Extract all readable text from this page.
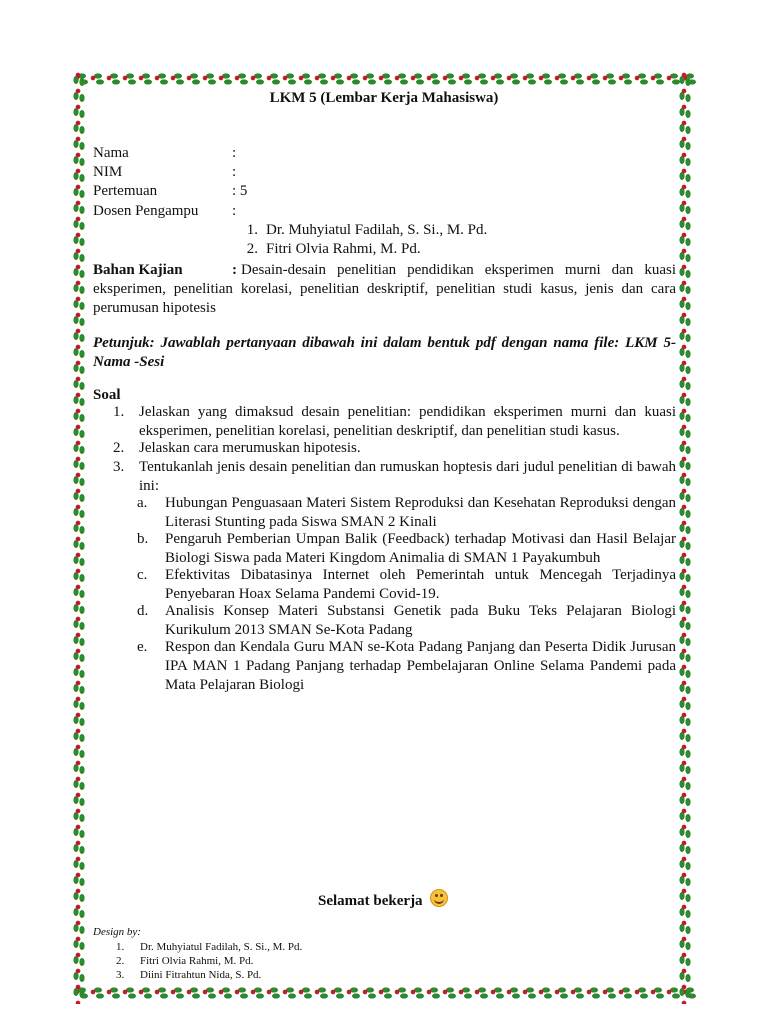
LKM 5 (Lembar Kerja Mahasiswa)
Nama	:
NIM	:
Pertemuan	: 5
Dosen Pengampu :
1. Dr. Muhyiatul Fadilah, S. Si., M. Pd.
2. Fitri Olvia Rahmi, M. Pd.
Bahan Kajian	: Desain-desain penelitian pendidikan eksperimen murni dan kuasi eksperimen, penelitian korelasi, penelitian deskriptif, penelitian studi kasus, jenis dan cara perumusan hipotesis
Petunjuk: Jawablah pertanyaan dibawah ini dalam bentuk pdf dengan nama file: LKM 5-Nama -Sesi
Soal
1. Jelaskan yang dimaksud desain penelitian: pendidikan eksperimen murni dan kuasi eksperimen, penelitian korelasi, penelitian deskriptif, dan penelitian studi kasus.
2. Jelaskan cara merumuskan hipotesis.
3. Tentukanlah jenis desain penelitian dan rumuskan hoptesis dari judul penelitian di bawah ini:
a. Hubungan Penguasaan Materi Sistem Reproduksi dan Kesehatan Reproduksi dengan Literasi Stunting pada Siswa SMAN 2 Kinali
b. Pengaruh Pemberian Umpan Balik (Feedback) terhadap Motivasi dan Hasil Belajar Biologi Siswa pada Materi Kingdom Animalia di SMAN 1 Payakumbuh
c. Efektivitas Dibatasinya Internet oleh Pemerintah untuk Mencegah Terjadinya Penyebaran Hoax Selama Pandemi Covid-19.
d. Analisis Konsep Materi Substansi Genetik pada Buku Teks Pelajaran Biologi Kurikulum 2013 SMAN Se-Kota Padang
e. Respon dan Kendala Guru MAN se-Kota Padang Panjang dan Peserta Didik Jurusan IPA MAN 1 Padang Panjang terhadap Pembelajaran Online Selama Pandemi pada Mata Pelajaran Biologi
Selamat bekerja
Design by:
1. Dr. Muhyiatul Fadilah, S. Si., M. Pd.
2. Fitri Olvia Rahmi, M. Pd.
3. Diini Fitrahtun Nida, S. Pd.
